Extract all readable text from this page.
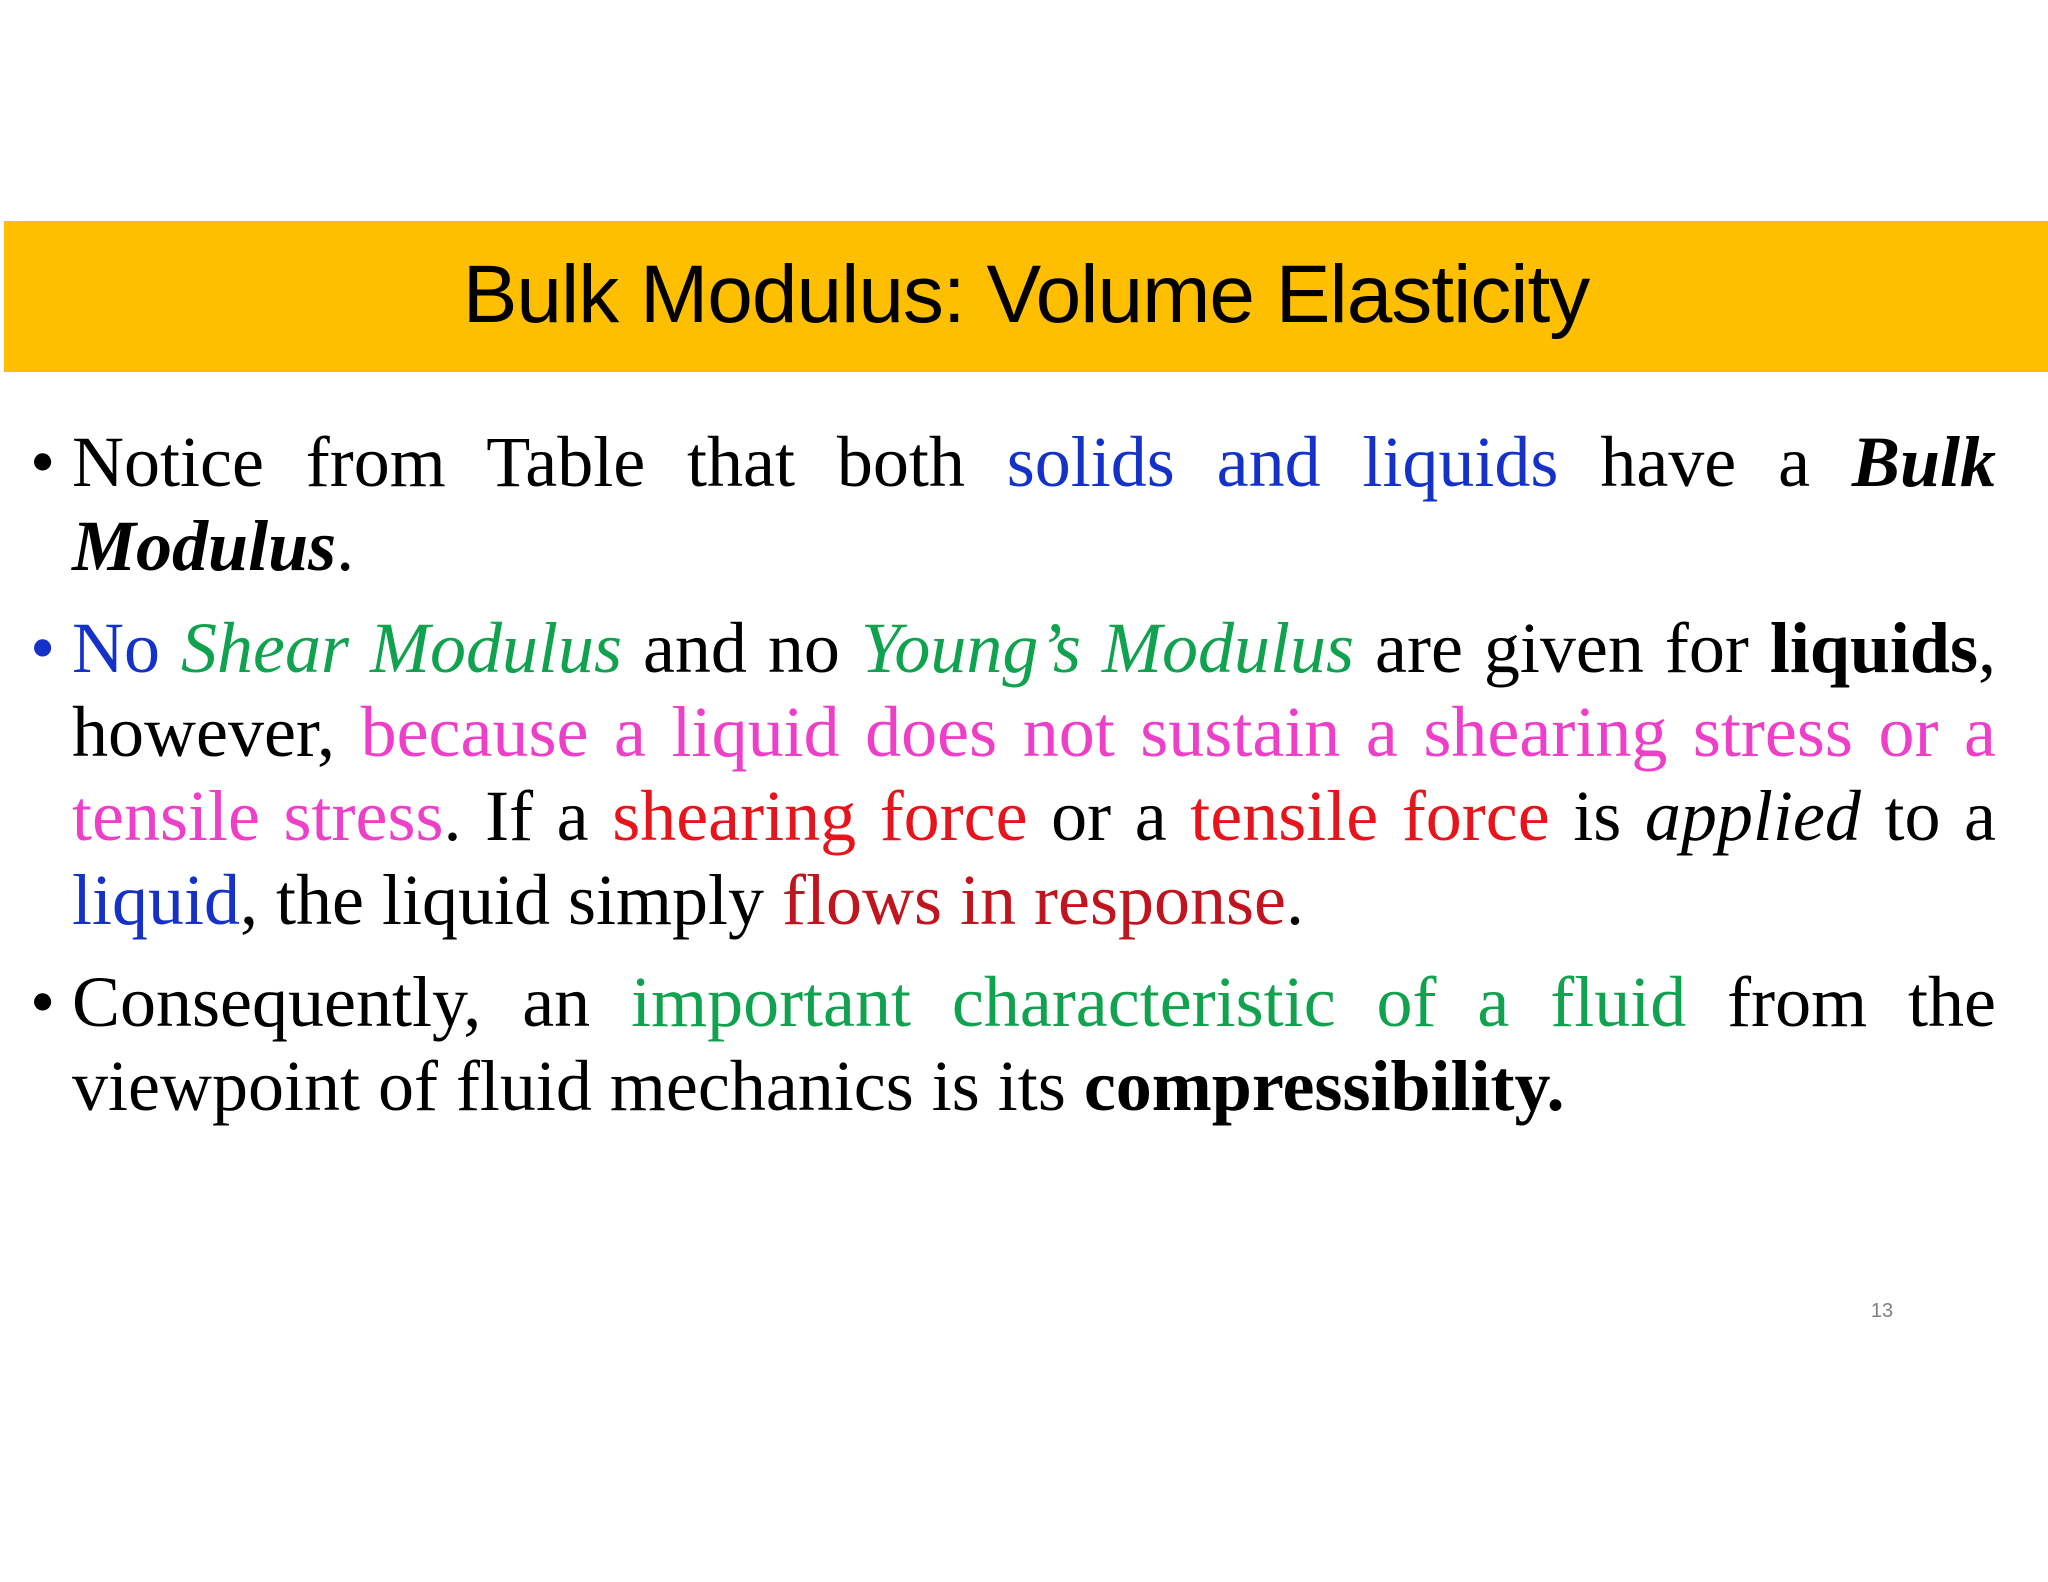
Bulk Modulus: Volume Elasticity

• Notice from Table that both solids and liquids have a Bulk Modulus.

• No Shear Modulus and no Young’s Modulus are given for liquids, however, because a liquid does not sustain a shearing stress or a tensile stress. If a shearing force or a tensile force is applied to a liquid, the liquid simply flows in response.

• Consequently, an important characteristic of a fluid from the viewpoint of fluid mechanics is its compressibility.

13
